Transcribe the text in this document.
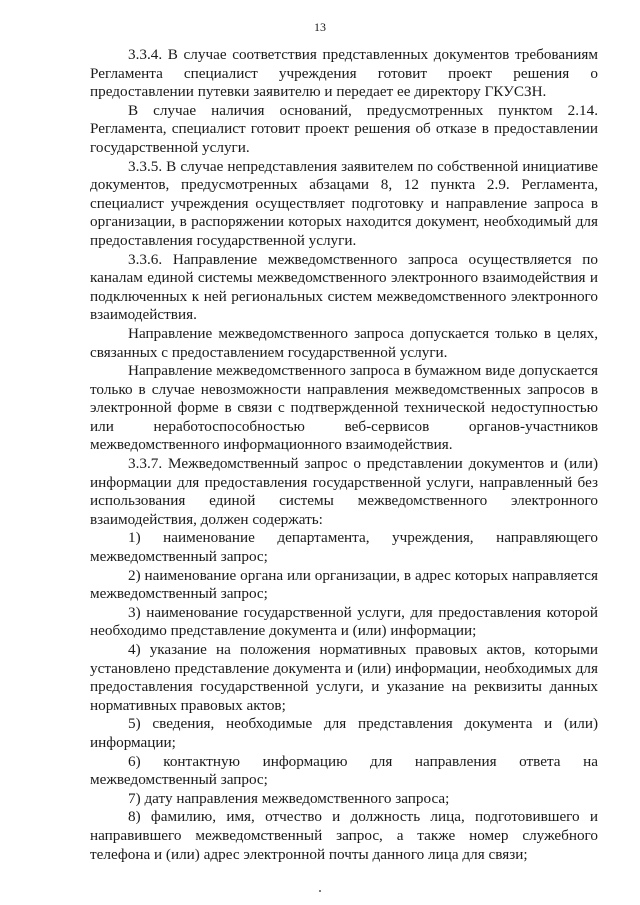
13

3.3.4. В случае соответствия представленных документов требованиям Регламента специалист учреждения готовит проект решения о предоставлении путевки заявителю и передает ее директору ГКУСЗН.

В случае наличия оснований, предусмотренных пунктом 2.14. Регламента, специалист готовит проект решения об отказе в предоставлении государственной услуги.

3.3.5. В случае непредставления заявителем по собственной инициативе документов, предусмотренных абзацами 8, 12 пункта 2.9. Регламента, специалист учреждения осуществляет подготовку и направление запроса в организации, в распоряжении которых находится документ, необходимый для предоставления государственной услуги.

3.3.6. Направление межведомственного запроса осуществляется по каналам единой системы межведомственного электронного взаимодействия и подключенных к ней региональных систем межведомственного электронного взаимодействия.

Направление межведомственного запроса допускается только в целях, связанных с предоставлением государственной услуги.

Направление межведомственного запроса в бумажном виде допускается только в случае невозможности направления межведомственных запросов в электронной форме в связи с подтвержденной технической недоступностью или неработоспособностью веб-сервисов органов-участников межведомственного информационного взаимодействия.

3.3.7. Межведомственный запрос о представлении документов и (или) информации для предоставления государственной услуги, направленный без использования единой системы межведомственного электронного взаимодействия, должен содержать:

1) наименование департамента, учреждения, направляющего межведомственный запрос;

2) наименование органа или организации, в адрес которых направляется межведомственный запрос;

3) наименование государственной услуги, для предоставления которой необходимо представление документа и (или) информации;

4) указание на положения нормативных правовых актов, которыми установлено представление документа и (или) информации, необходимых для предоставления государственной услуги, и указание на реквизиты данных нормативных правовых актов;

5) сведения, необходимые для представления документа и (или) информации;

6) контактную информацию для направления ответа на межведомственный запрос;

7) дату направления межведомственного запроса;

8) фамилию, имя, отчество и должность лица, подготовившего и направившего межведомственный запрос, а также номер служебного телефона и (или) адрес электронной почты данного лица для связи;
